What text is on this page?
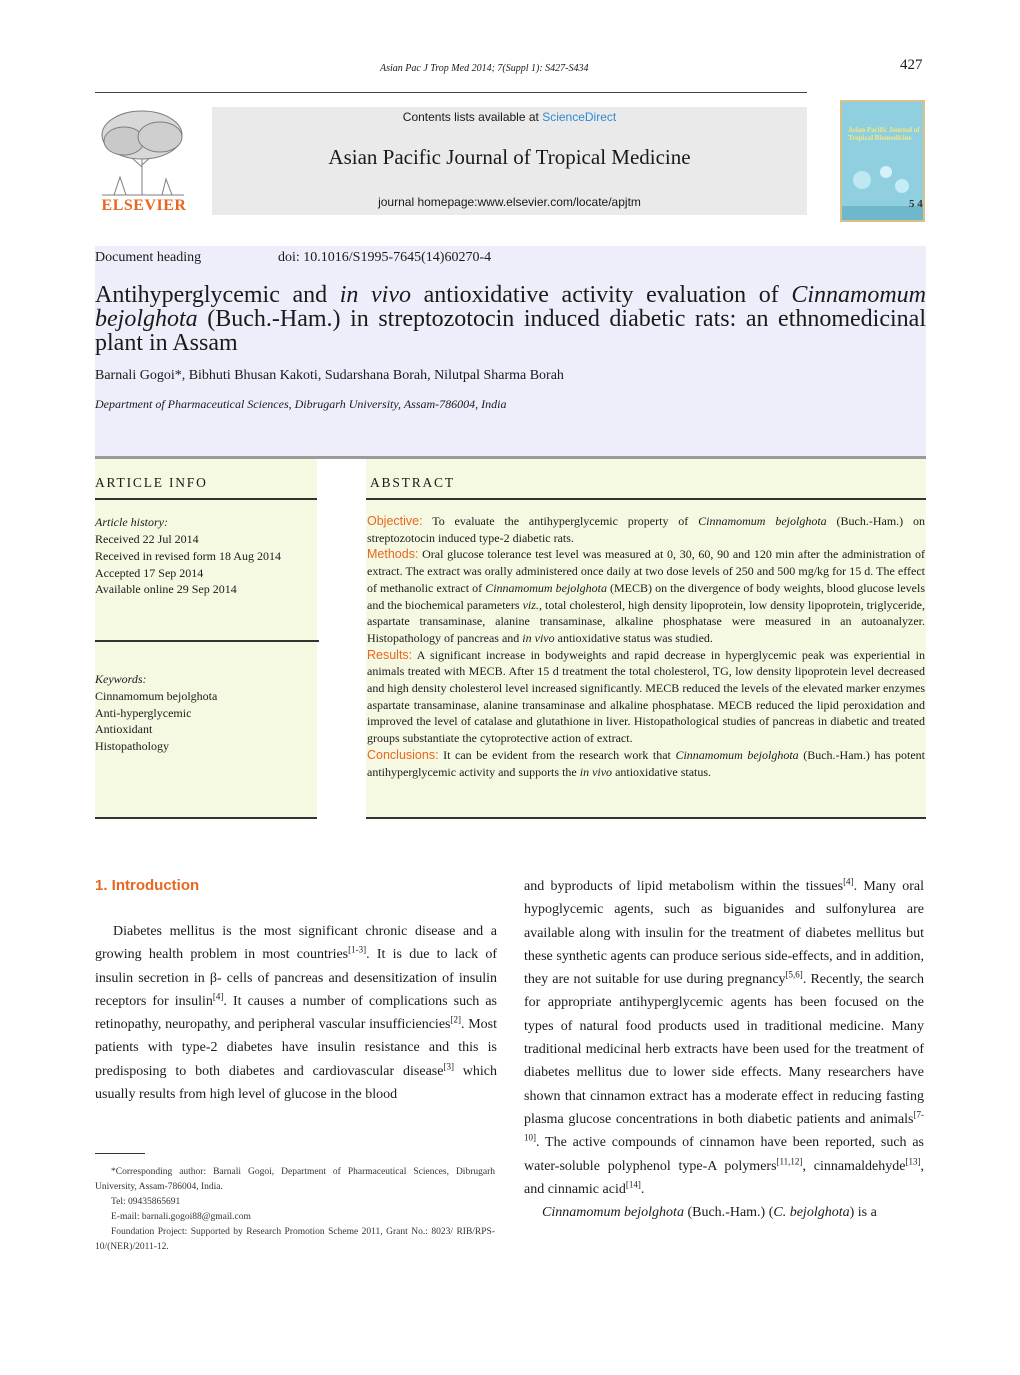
Asian Pac J Trop Med 2014; 7(Suppl 1): S427-S434	427
ELSEVIER
Contents lists available at ScienceDirect
Asian Pacific Journal of Tropical Medicine
journal homepage:www.elsevier.com/locate/apjtm
Asian Pacific Journal of Tropical Biomedicine
5 4
Document heading	doi: 10.1016/S1995-7645(14)60270-4
Antihyperglycemic and in vivo antioxidative activity evaluation of Cinnamomum bejolghota (Buch.-Ham.) in streptozotocin induced diabetic rats: an ethnomedicinal plant in Assam
Barnali Gogoi*, Bibhuti Bhusan Kakoti, Sudarshana Borah, Nilutpal Sharma Borah
Department of Pharmaceutical Sciences, Dibrugarh University, Assam-786004, India
ARTICLE INFO
Article history:
Received 22 Jul 2014
Received in revised form 18 Aug 2014
Accepted 17 Sep 2014
Available online 29 Sep 2014
Keywords:
Cinnamomum bejolghota
Anti-hyperglycemic
Antioxidant
Histopathology
ABSTRACT
Objective: To evaluate the antihyperglycemic property of Cinnamomum bejolghota (Buch.-Ham.) on streptozotocin induced type-2 diabetic rats.
Methods: Oral glucose tolerance test level was measured at 0, 30, 60, 90 and 120 min after the administration of extract. The extract was orally administered once daily at two dose levels of 250 and 500 mg/kg for 15 d. The effect of methanolic extract of Cinnamomum bejolghota (MECB) on the divergence of body weights, blood glucose levels and the biochemical parameters viz., total cholesterol, high density lipoprotein, low density lipoprotein, triglyceride, aspartate transaminase, alanine transaminase, alkaline phosphatase were measured in an autoanalyzer. Histopathology of pancreas and in vivo antioxidative status was studied.
Results: A significant increase in bodyweights and rapid decrease in hyperglycemic peak was experiential in animals treated with MECB. After 15 d treatment the total cholesterol, TG, low density lipoprotein level decreased and high density cholesterol level increased significantly. MECB reduced the levels of the elevated marker enzymes aspartate transaminase, alanine transaminase and alkaline phosphatase. MECB reduced the lipid peroxidation and improved the level of catalase and glutathione in liver. Histopathological studies of pancreas in diabetic and treated groups substantiate the cytoprotective action of extract.
Conclusions: It can be evident from the research work that Cinnamomum bejolghota (Buch.-Ham.) has potent antihyperglycemic activity and supports the in vivo antioxidative status.
1. Introduction

Diabetes mellitus is the most significant chronic disease and a growing health problem in most countries[1-3]. It is due to lack of insulin secretion in β- cells of pancreas and desensitization of insulin receptors for insulin[4]. It causes a number of complications such as retinopathy, neuropathy, and peripheral vascular insufficiencies[2]. Most patients with type-2 diabetes have insulin resistance and this is predisposing to both diabetes and cardiovascular disease[3] which usually results from high level of glucose in the blood

*Corresponding author: Barnali Gogoi, Department of Pharmaceutical Sciences, Dibrugarh University, Assam-786004, India.

Tel: 09435865691

E-mail: barnali.gogoi88@gmail.com

Foundation Project: Supported by Research Promotion Scheme 2011, Grant No.: 8023/ RIB/RPS-10/(NER)/2011-12.

and byproducts of lipid metabolism within the tissues[4]. Many oral hypoglycemic agents, such as biguanides and sulfonylurea are available along with insulin for the treatment of diabetes mellitus but these synthetic agents can produce serious side-effects, and in addition, they are not suitable for use during pregnancy[5,6]. Recently, the search for appropriate antihyperglycemic agents has been focused on the types of natural food products used in traditional medicine. Many traditional medicinal herb extracts have been used for the treatment of diabetes mellitus due to lower side effects. Many researchers have shown that cinnamon extract has a moderate effect in reducing fasting plasma glucose concentrations in both diabetic patients and animals[7-10]. The active compounds of cinnamon have been reported, such as water-soluble polyphenol type-A polymers[11,12], cinnamaldehyde[13], and cinnamic acid[14].

Cinnamomum bejolghota (Buch.-Ham.) (C. bejolghota) is a
